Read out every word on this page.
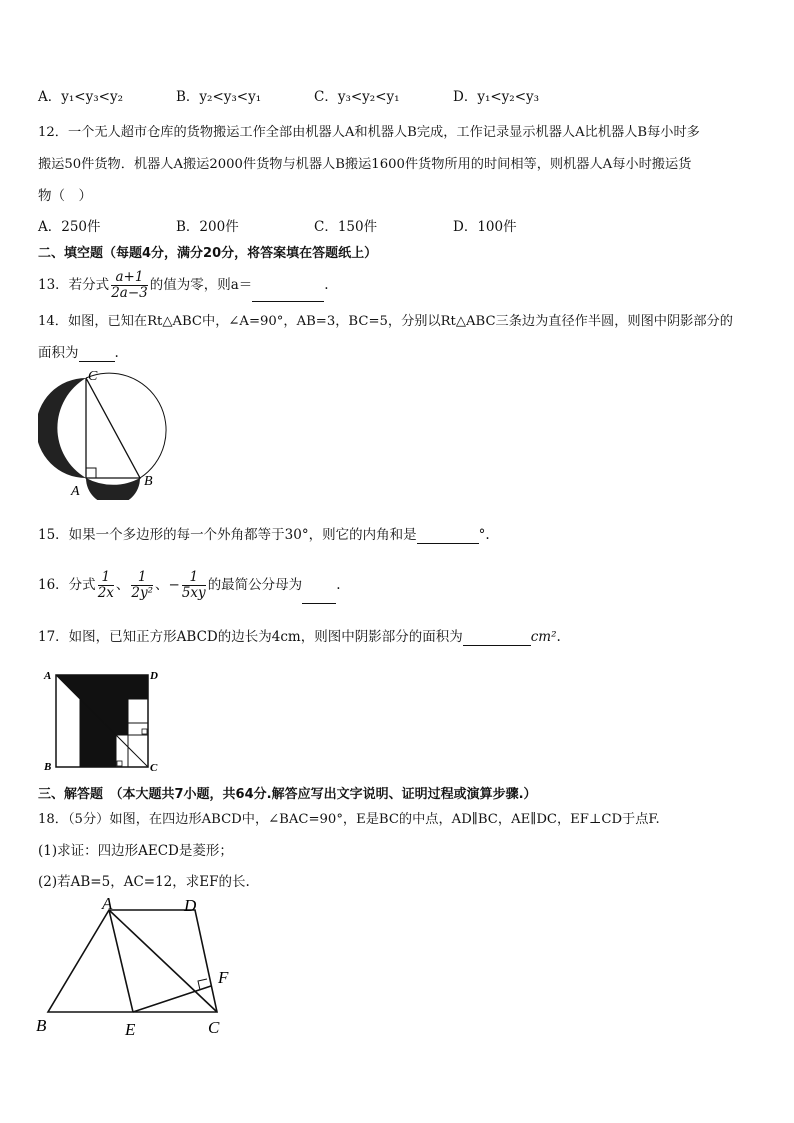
A．y₁<y₃<y₂	B．y₂<y₃<y₁	C．y₃<y₂<y₁	D．y₁<y₂<y₃
12．一个无人超市仓库的货物搬运工作全部由机器人A和机器人B完成，工作记录显示机器人A比机器人B每小时多
搬运50件货物．机器人A搬运2000件货物与机器人B搬运1600件货物所用的时间相等，则机器人A每小时搬运货
物（　）
A．250件	B．200件	C．150件	D．100件
二、填空题（每题4分，满分20分，将答案填在答题纸上）
13．若分式 $\frac{a+1}{2a-3}$ 的值为零，则a＝	.
14．如图，已知在Rt△ABC中，∠A=90°，AB=3，BC=5，分别以Rt△ABC三条边为直径作半圆，则图中阴影部分的
面积为	.
C
A
B
15．如果一个多边形的每一个外角都等于30°，则它的内角和是	°.
16．分式 $\frac{1}{2x}$ 、 $\frac{1}{\text{2y²}}$ 、− $\frac{1}{5xy}$ 的最简公分母为	.
17．如图，已知正方形ABCD的边长为4cm，则图中阴影部分的面积为	cm².
A	D
B	C
三、解答题　（本大题共7小题，共64分.解答应写出文字说明、证明过程或演算步骤.）
18．（5分）如图，在四边形ABCD中，∠BAC=90°，E是BC的中点，AD∥BC，AE∥DC，EF⊥CD于点F.
(1)求证：四边形AECD是菱形；
(2)若AB=5，AC=12，求EF的长.
A	D
F
B	E	C
